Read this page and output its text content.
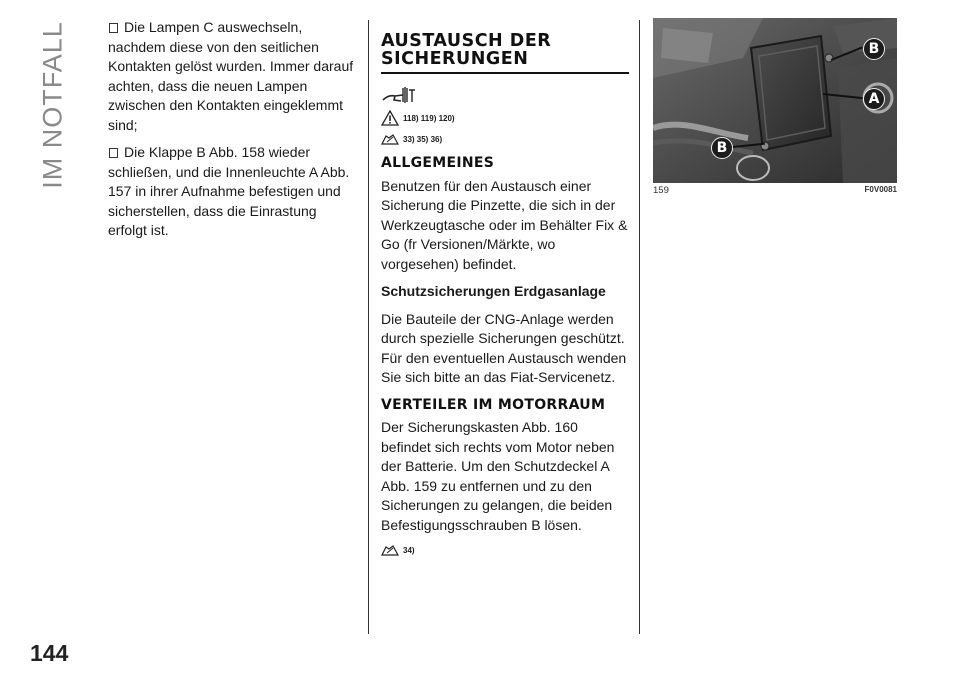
IM NOTFALL
144

Die Lampen C auswechseln, nachdem diese von den seitlichen Kontakten gelöst wurden. Immer darauf achten, dass die neuen Lampen zwischen den Kontakten eingeklemmt sind;

Die Klappe B Abb. 158 wieder schließen, und die Innenleuchte A Abb. 157 in ihrer Aufnahme befestigen und sicherstellen, dass die Einrastung erfolgt ist.

AUSTAUSCH DER SICHERUNGEN
118) 119) 120)
33) 35) 36)
ALLGEMEINES

Benutzen für den Austausch einer Sicherung die Pinzette, die sich in der Werkzeugtasche oder im Behälter Fix & Go (fr Versionen/Märkte, wo vorgesehen) befindet.

Schutzsicherungen Erdgasanlage

Die Bauteile der CNG-Anlage werden durch spezielle Sicherungen geschützt. Für den eventuellen Austausch wenden Sie sich bitte an das Fiat-Servicenetz.

VERTEILER IM MOTORRAUM

Der Sicherungskasten Abb. 160 befindet sich rechts vom Motor neben der Batterie. Um den Schutzdeckel A Abb. 159 zu entfernen und zu den Sicherungen zu gelangen, die beiden Befestigungsschrauben B lösen.

34)
B
A
B
159	F0V0081
